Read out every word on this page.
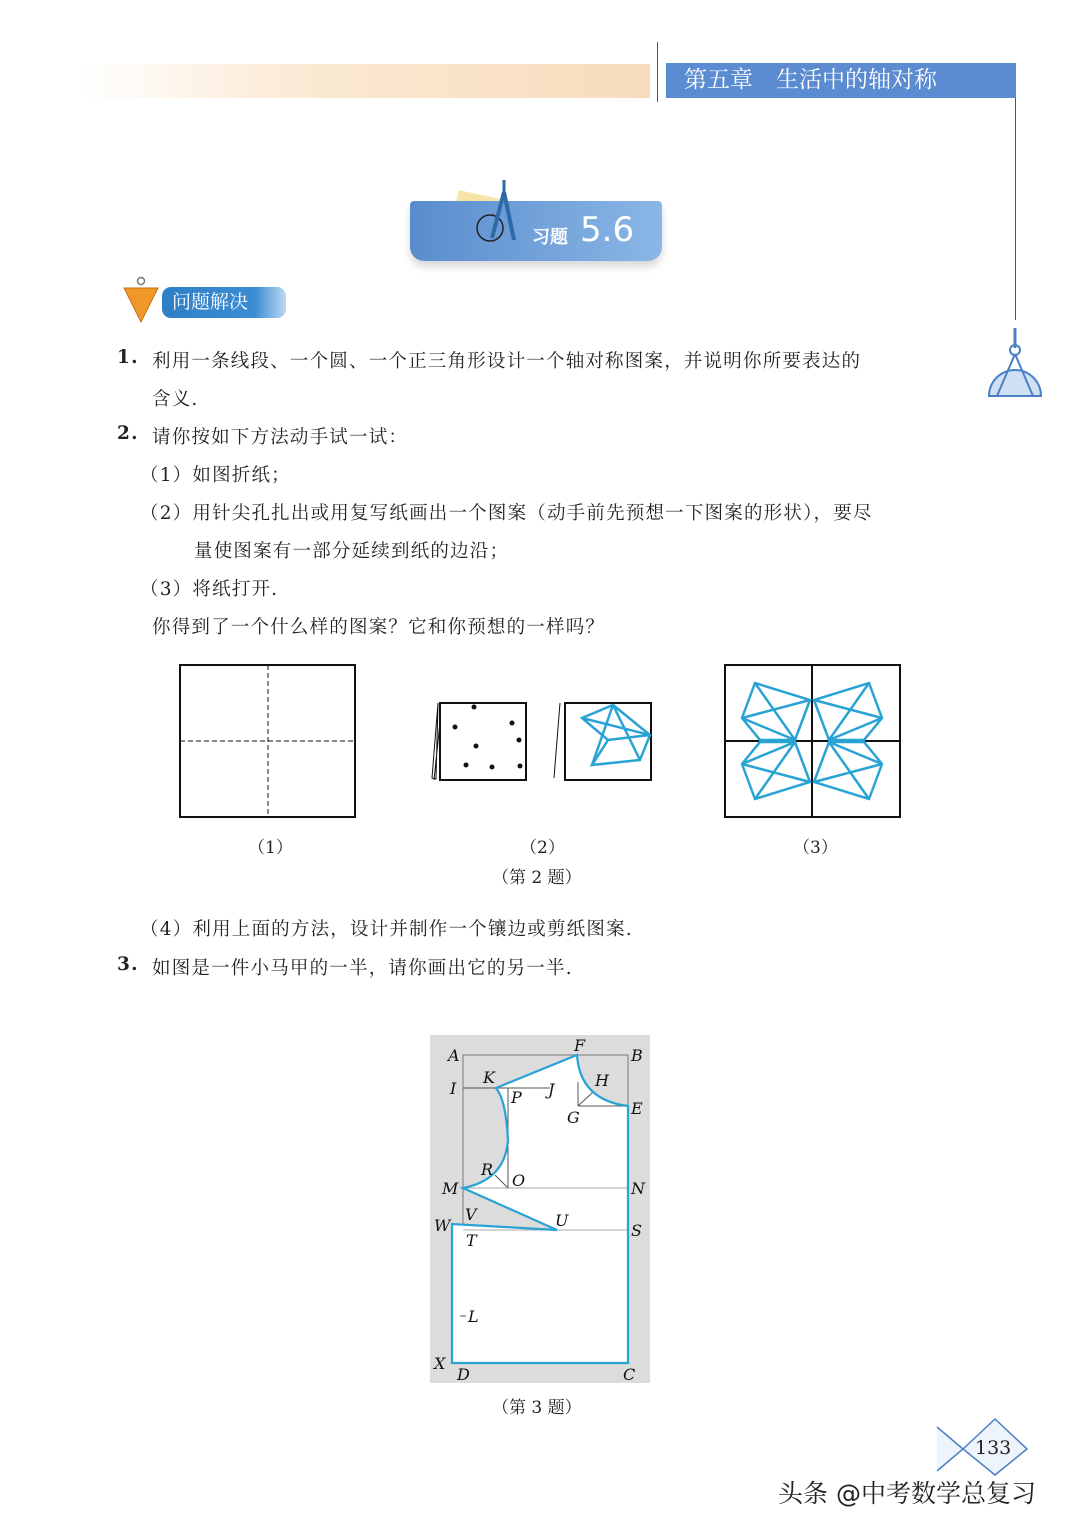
第五章　生活中的轴对称
习题 5.6
问题解决
1. 利用一条线段、一个圆、一个正三角形设计一个轴对称图案，并说明你所要表达的
含义.
2. 请你按如下方法动手试一试：
（1）如图折纸；
（2）用针尖孔扎出或用复写纸画出一个图案（动手前先预想一下图案的形状），要尽
量使图案有一部分延续到纸的边沿；
（3）将纸打开.
你得到了一个什么样的图案？它和你预想的一样吗？
（1）	（2）	（3）
（第 2 题）
（4）利用上面的方法，设计并制作一个镶边或剪纸图案.
3. 如图是一件小马甲的一半，请你画出它的另一半.
A	B
F
I
K
J	H
P
G	E
R
O
M	N
V	U
W
T
S
L
X
D	C
（第 3 题）
133
头条 @中考数学总复习
